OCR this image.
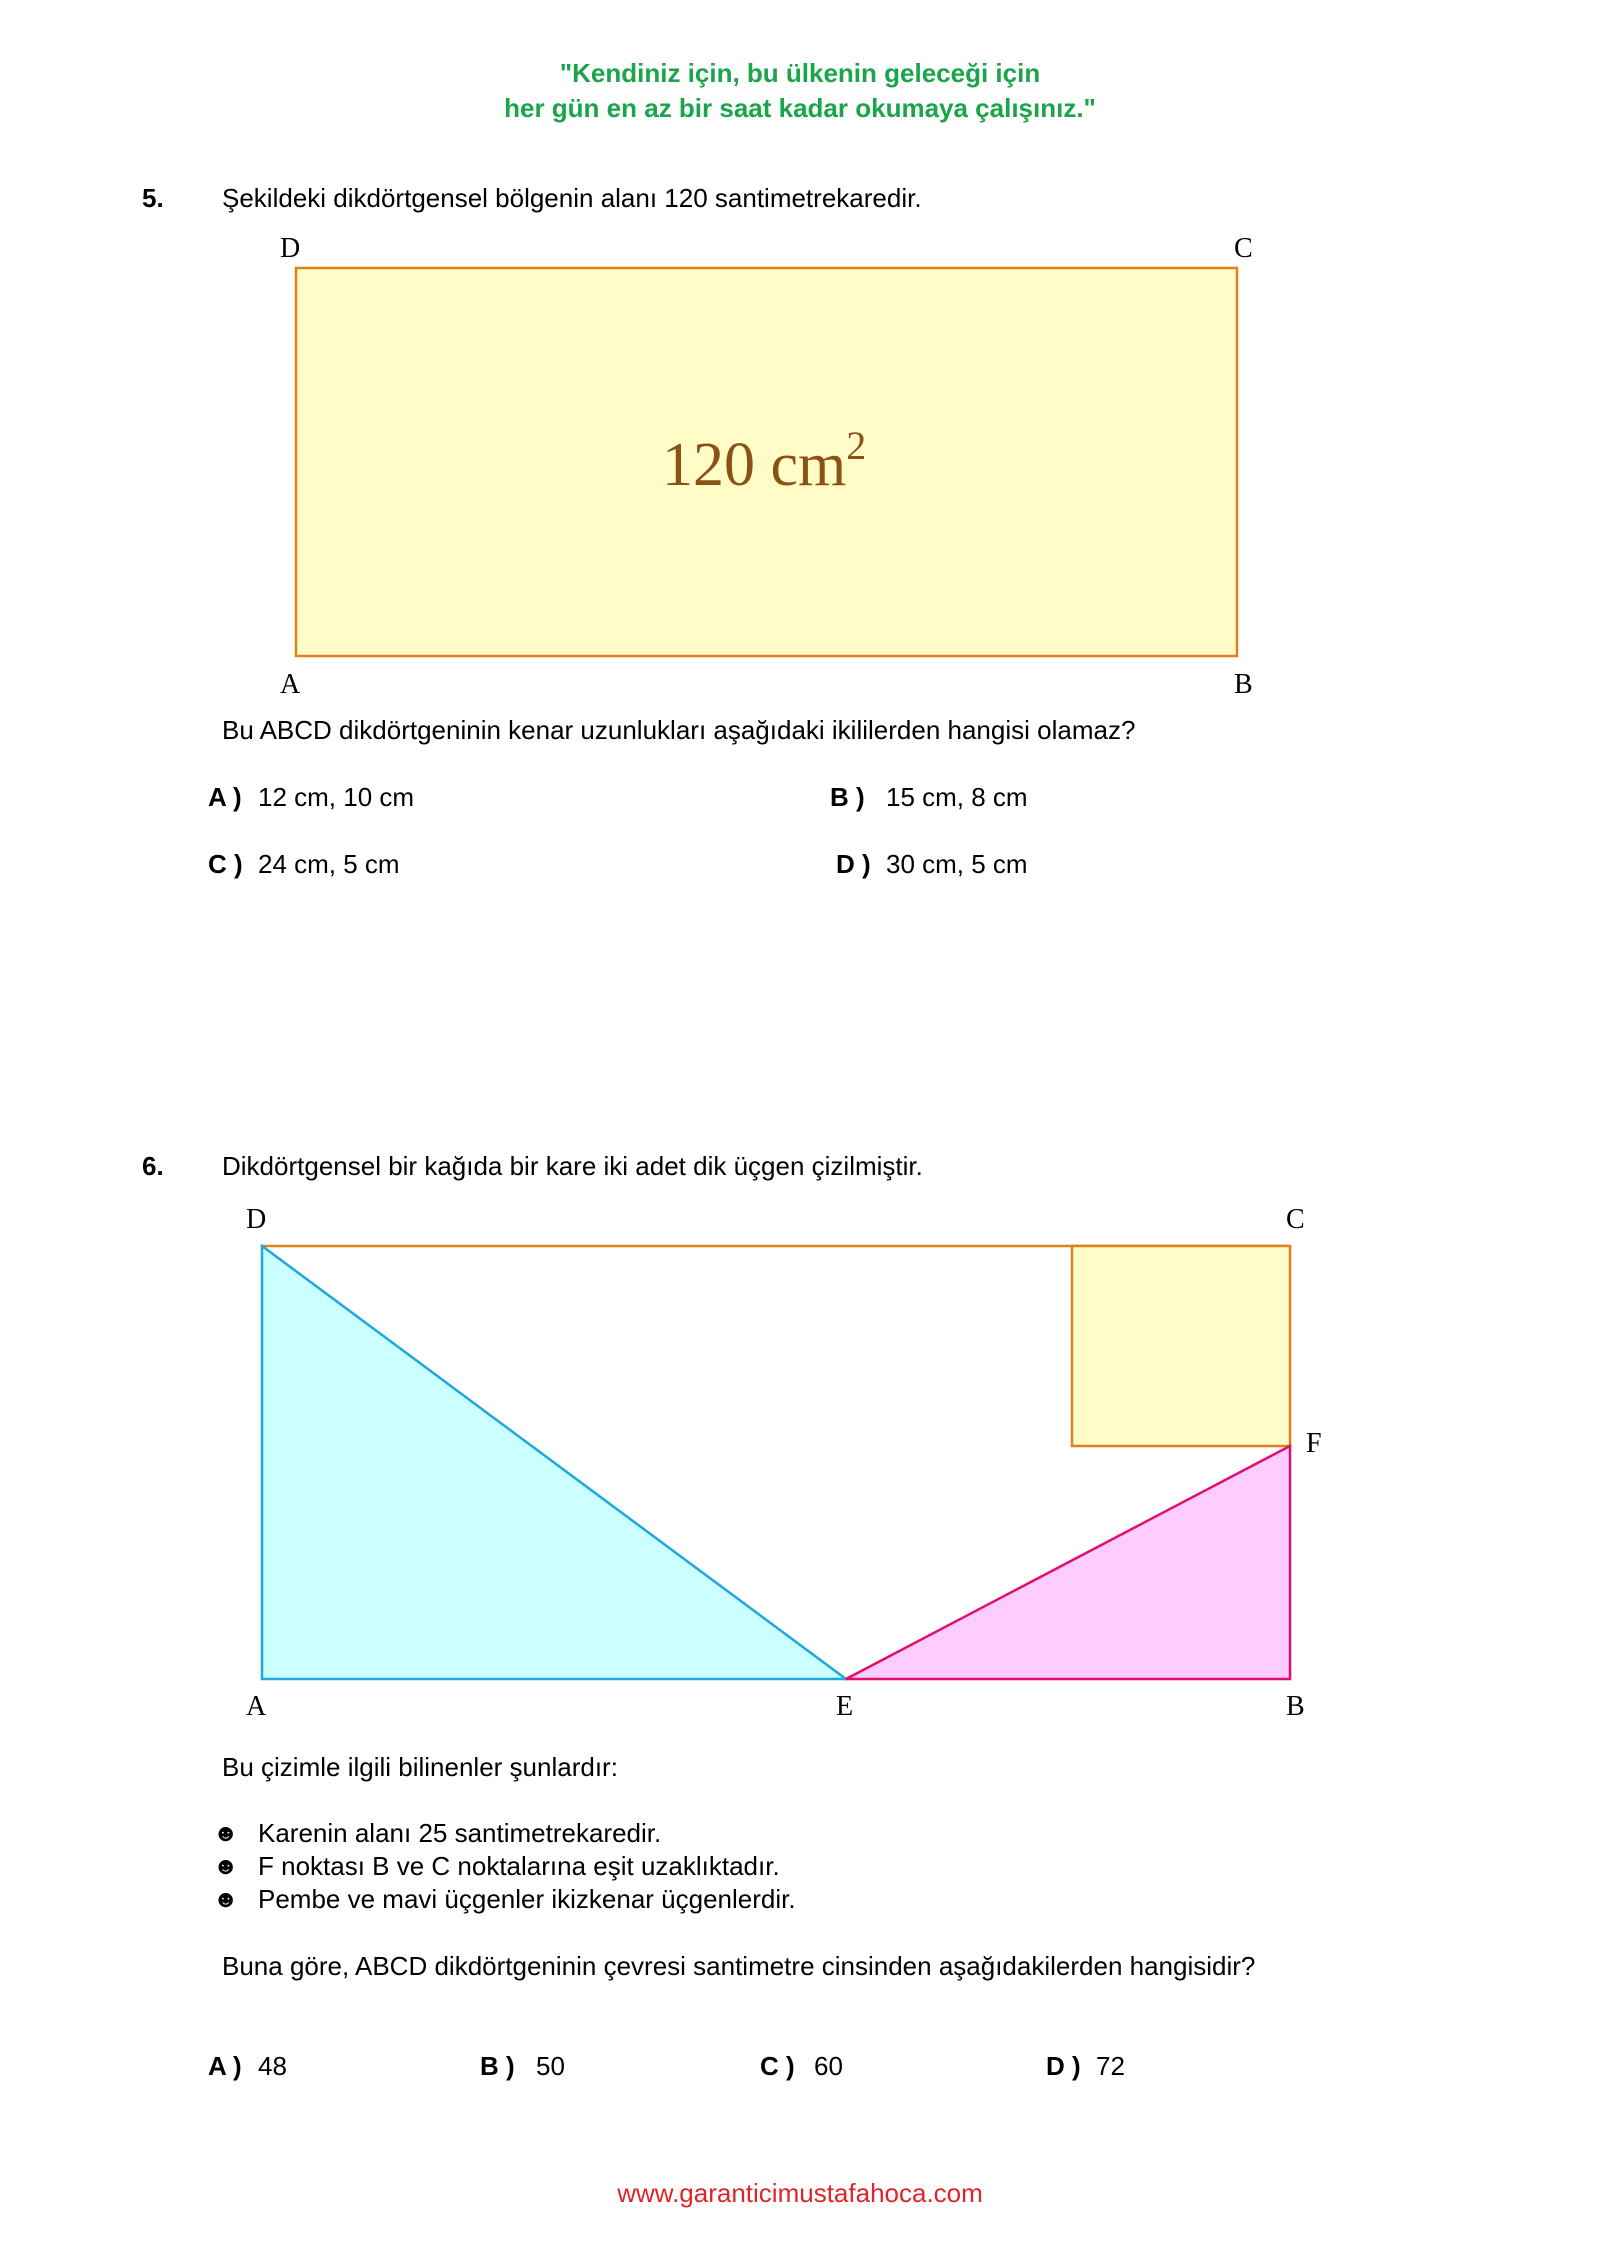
"Kendiniz için, bu ülkenin geleceği için
her gün en az bir saat kadar okumaya çalışınız."
5. Şekildeki dikdörtgensel bölgenin alanı 120 santimetrekaredir.
D	C
A	B
120 $cm^2$
Bu ABCD dikdörtgeninin kenar uzunlukları aşağıdaki ikililerden hangisi olamaz?
A ) 12 cm, 10 cm	B ) 15 cm, 8 cm
C ) 24 cm, 5 cm	D ) 30 cm, 5 cm
6. Dikdörtgensel bir kağıda bir kare iki adet dik üçgen çizilmiştir.
D	C
F
A	E	B
Bu çizimle ilgili bilinenler şunlardır:
☻ Karenin alanı 25 santimetrekaredir.
☻ F noktası B ve C noktalarına eşit uzaklıktadır.
☻ Pembe ve mavi üçgenler ikizkenar üçgenlerdir.
Buna göre, ABCD dikdörtgeninin çevresi santimetre cinsinden aşağıdakilerden hangisidir?
A ) 48	B ) 50	C ) 60	D ) 72
www.garanticimustafahoca.com
